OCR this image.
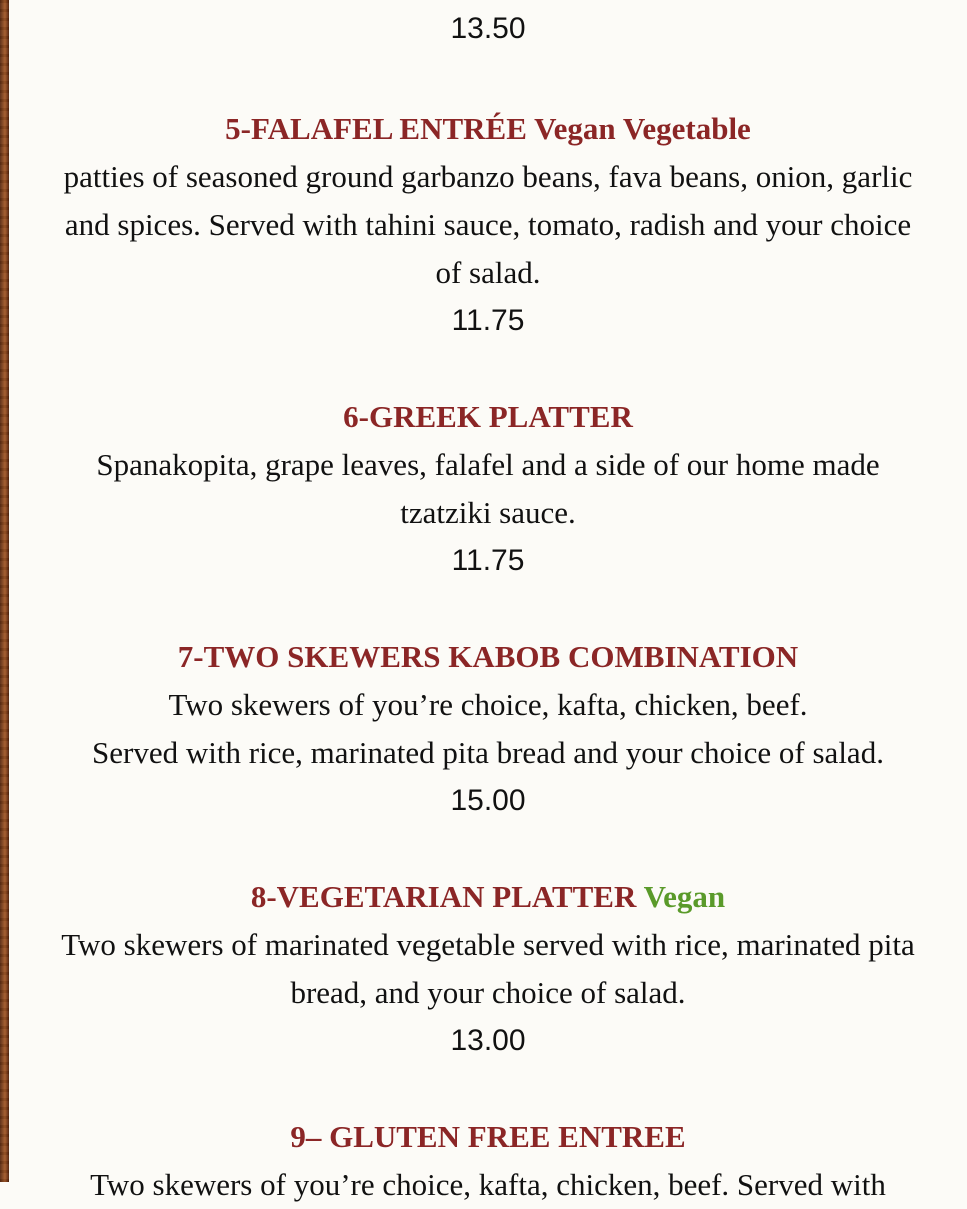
13.50
5-FALAFEL ENTRÉE Vegan Vegetable
patties of seasoned ground garbanzo beans, fava beans, onion, garlic
and spices. Served with tahini sauce, tomato, radish and your choice
of salad.
11.75
6-GREEK PLATTER
Spanakopita, grape leaves, falafel and a side of our home made
tzatziki sauce.
11.75
7-TWO SKEWERS KABOB COMBINATION
Two skewers of you’re choice, kafta, chicken, beef.
Served with rice, marinated pita bread and your choice of salad.
15.00
8-VEGETARIAN PLATTER Vegan
Two skewers of marinated vegetable served with rice, marinated pita
bread, and your choice of salad.
13.00
9– GLUTEN FREE ENTREE
Two skewers of you’re choice, kafta, chicken, beef. Served with
